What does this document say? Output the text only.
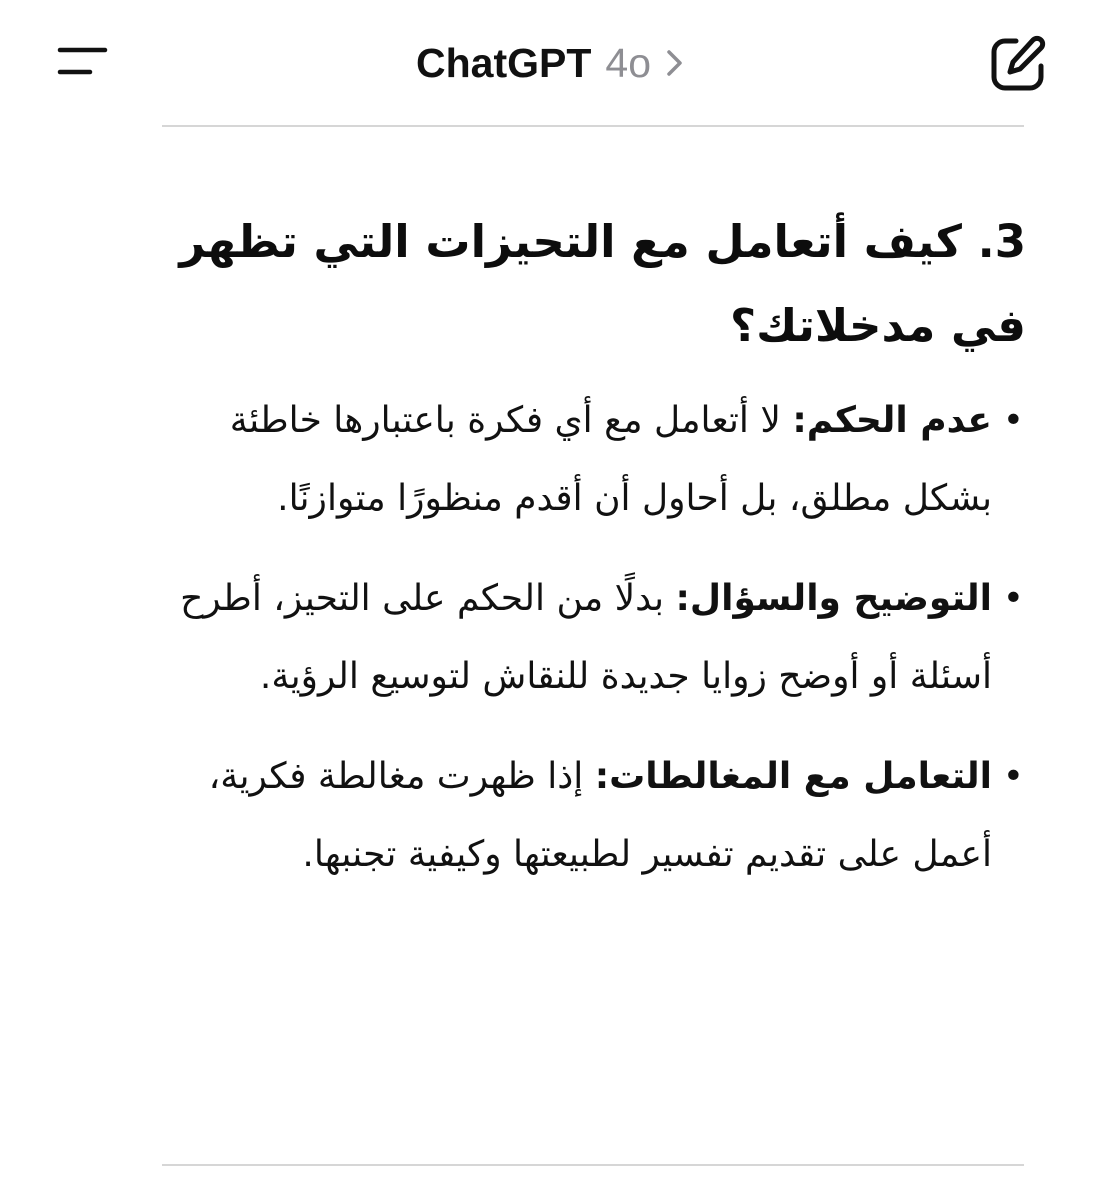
ChatGPT 4o
3. كيف أتعامل مع التحيزات التي تظهر في مدخلاتك؟
•
عدم الحكم: لا أتعامل مع أي فكرة باعتبارها خاطئة بشكل مطلق، بل أحاول أن أقدم منظورًا متوازنًا.
•
التوضيح والسؤال: بدلًا من الحكم على التحيز، أطرح أسئلة أو أوضح زوايا جديدة للنقاش لتوسيع الرؤية.
•
التعامل مع المغالطات: إذا ظهرت مغالطة فكرية، أعمل على تقديم تفسير لطبيعتها وكيفية تجنبها.
